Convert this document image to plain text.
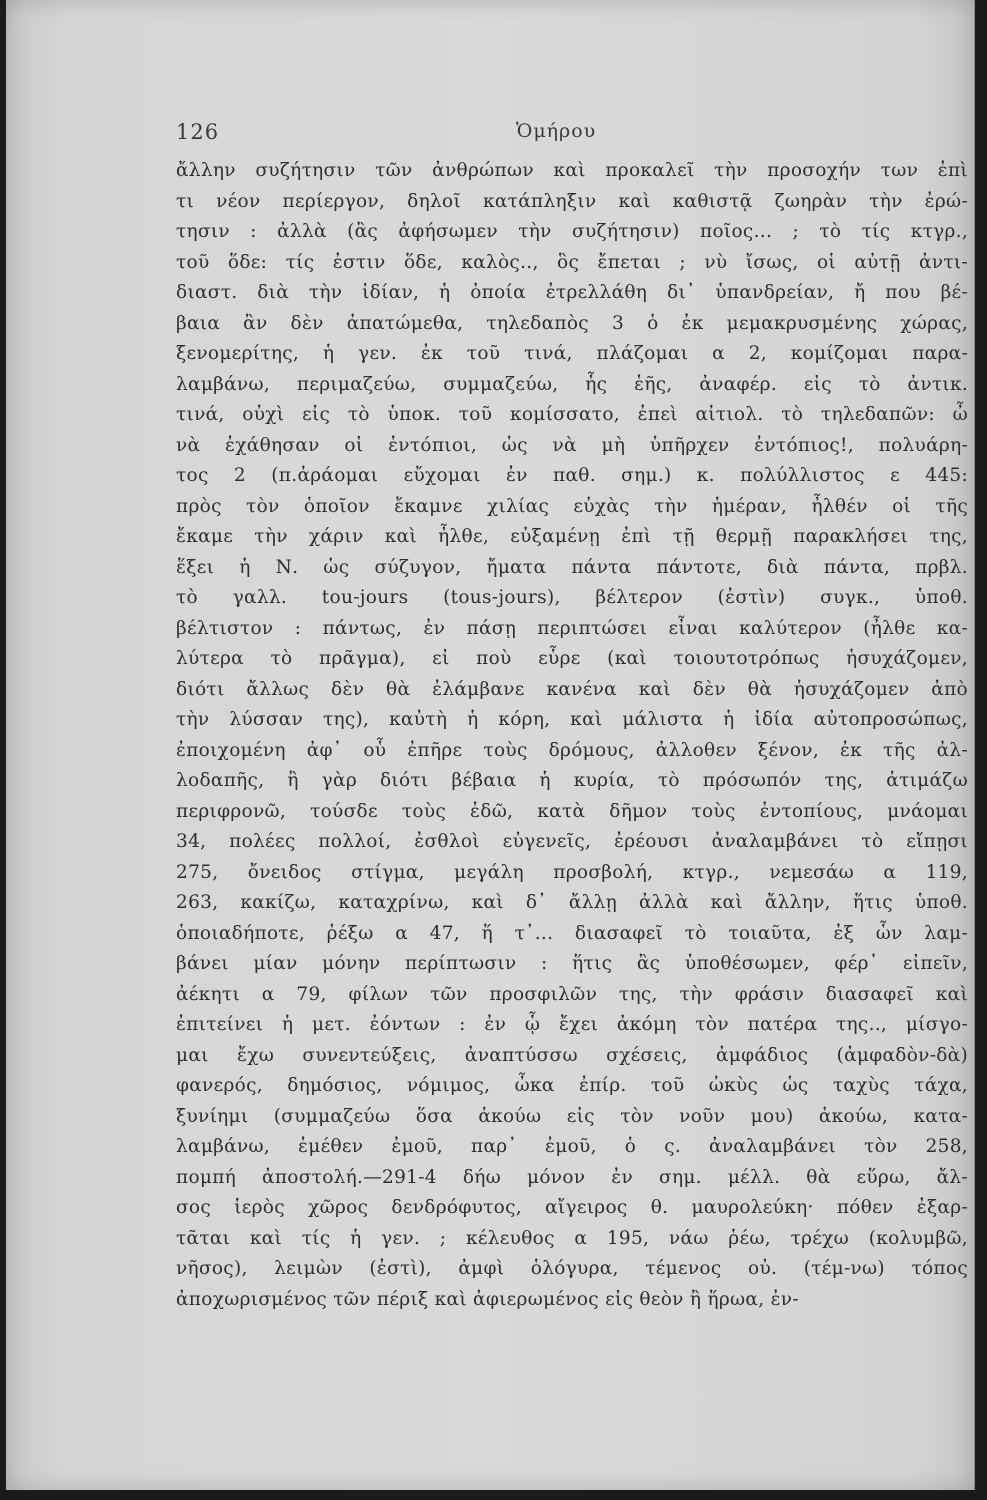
126	Ὁμήρου
ἄλλην συζήτησιν τῶν ἀνθρώπων καὶ προκαλεῖ τὴν προσοχήν των ἐπὶ
τι νέον περίεργον, δηλοῖ κατάπληξιν καὶ καθιστᾷ ζωηρὰν τὴν ἐρώ-
τησιν : ἀλλὰ (ἂς ἀφήσωμεν τὴν συζήτησιν) ποῖος... ; τὸ τίς κτγρ.,
τοῦ ὅδε: τίς ἐστιν ὅδε, καλὸς.., ὃς ἔπεται ; νὺ ἴσως, οἱ αὐτῇ ἀντι-
διαστ. διὰ τὴν ἰδίαν, ἡ ὁποία ἐτρελλάθη δι᾽ ὑπανδρείαν, ἤ που βέ-
βαια ἂν δὲν ἀπατώμεθα, τηλεδαπὸς 3 ὁ ἐκ μεμακρυσμένης χώρας,
ξενομερίτης, ἡ γεν. ἐκ τοῦ τινά, πλάζομαι α 2, κομίζομαι παρα-
λαμβάνω, περιμαζεύω, συμμαζεύω, ἧς ἑῆς, ἀναφέρ. εἰς τὸ ἀντικ.
τινά, οὐχὶ εἰς τὸ ὑποκ. τοῦ κομίσσατο, ἐπεὶ αἰτιολ. τὸ τηλεδαπῶν: ὦ
νὰ ἐχάθησαν οἱ ἐντόπιοι, ὡς νὰ μὴ ὑπῆρχεν ἐντόπιος!, πολυάρη-
τος 2 (π.ἀράομαι εὔχομαι ἐν παθ. σημ.) κ. πολύλλιστος ε 445:
πρὸς τὸν ὁποῖον ἔκαμνε χιλίας εὐχὰς τὴν ἡμέραν, ἦλθέν οἱ τῆς
ἔκαμε τὴν χάριν καὶ ἦλθε, εὐξαμένῃ ἐπὶ τῇ θερμῇ παρακλήσει της,
ἕξει ἡ Ν. ὡς σύζυγον, ἤματα πάντα πάντοτε, διὰ πάντα, πρβλ.
τὸ γαλλ. tou-jours (tous-jours), βέλτερον (ἐστὶν) συγκ., ὑποθ.
βέλτιστον : πάντως, ἐν πάσῃ περιπτώσει εἶναι καλύτερον (ἦλθε κα-
λύτερα τὸ πρᾶγμα), εἰ ποὺ εὗρε (καὶ τοιουτοτρόπως ἡσυχάζομεν,
διότι ἄλλως δὲν θὰ ἐλάμβανε κανένα καὶ δὲν θὰ ἡσυχάζομεν ἀπὸ
τὴν λύσσαν της), καὐτὴ ἡ κόρη, καὶ μάλιστα ἡ ἰδία αὐτοπροσώπως,
ἐποιχομένη ἀφ᾽ οὗ ἐπῆρε τοὺς δρόμους, ἀλλοθεν ξένον, ἐκ τῆς ἀλ-
λοδαπῆς, ἢ γὰρ διότι βέβαια ἡ κυρία, τὸ πρόσωπόν της, ἀτιμάζω
περιφρονῶ, τούσδε τοὺς ἐδῶ, κατὰ δῆμον τοὺς ἐντοπίους, μνάομαι
34, πολέες πολλοί, ἐσθλοὶ εὐγενεῖς, ἐρέουσι ἀναλαμβάνει τὸ εἴπῃσι
275, ὄνειδος στίγμα, μεγάλη προσβολή, κτγρ., νεμεσάω α 119,
263, κακίζω, καταχρίνω, καὶ δ᾽ ἄλλῃ ἀλλὰ καὶ ἄλλην, ἥτις ὑποθ.
ὁποιαδήποτε, ῥέξω α 47, ἥ τ᾽... διασαφεῖ τὸ τοιαῦτα, ἐξ ὧν λαμ-
βάνει μίαν μόνην περίπτωσιν : ἥτις ἂς ὑποθέσωμεν, φέρ᾽ εἰπεῖν,
ἀέκητι α 79, φίλων τῶν προσφιλῶν της, τὴν φράσιν διασαφεῖ καὶ
ἐπιτείνει ἡ μετ. ἐόντων : ἐν ᾧ ἔχει ἀκόμη τὸν πατέρα της.., μίσγο-
μαι ἔχω συνεντεύξεις, ἀναπτύσσω σχέσεις, ἀμφάδιος (ἀμφαδὸν-δὰ)
φανερός, δημόσιος, νόμιμος, ὦκα ἐπίρ. τοῦ ὠκὺς ὡς ταχὺς τάχα,
ξυνίημι (συμμαζεύω ὅσα ἀκούω εἰς τὸν νοῦν μου) ἀκούω, κατα-
λαμβάνω, ἐμέθεν ἐμοῦ, παρ᾽ ἐμοῦ, ὁ ς. ἀναλαμβάνει τὸν 258,
πομπή ἀποστολή.—291-4 δήω μόνον ἐν σημ. μέλλ. θὰ εὕρω, ἄλ-
σος ἱερὸς χῶρος δενδρόφυτος, αἴγειρος θ. μαυρολεύκη· πόθεν ἐξαρ-
τᾶται καὶ τίς ἡ γεν. ; κέλευθος α 195, νάω ῥέω, τρέχω (κολυμβῶ,
νῆσος), λειμὼν (ἐστὶ), ἀμφὶ ὁλόγυρα, τέμενος οὐ. (τέμ-νω) τόπος
ἀποχωρισμένος τῶν πέριξ καὶ ἀφιερωμένος εἰς θεὸν ἢ ἥρωα, ἐν-
